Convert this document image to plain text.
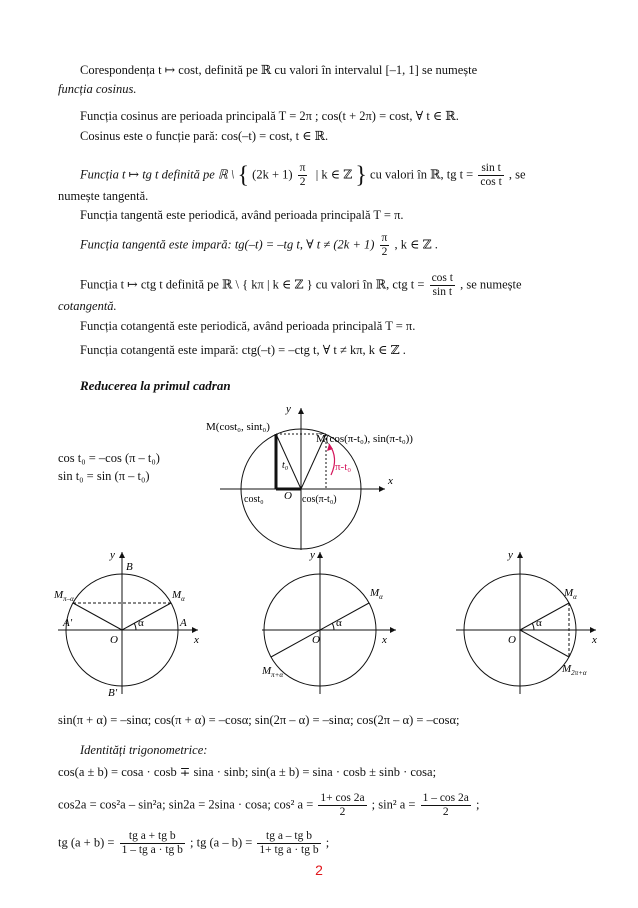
Corespondența t ↦ cost, definită pe ℝ cu valori în intervalul [–1, 1] se numește
funcția cosinus.
Funcția cosinus are perioada principală T = 2π ; cos(t + 2π) = cost, ∀ t ∈ ℝ.
Cosinus este o funcție pară: cos(–t) = cost, t ∈ ℝ.
Funcția t ↦ tg t definită pe ℝ \ { $(2k + 1) \frac{\pi}{2}$ | k ∈ ℤ } cu valori în ℝ, tg $t = \frac{\text{sin t}}{\text{cos t}}$ , se
numește tangentă.
Funcția tangentă este periodică, având perioada principală T = π.
Funcția tangentă este impară: tg(–t) = –tg t, ∀ $t \ne (2k + 1) \frac{\pi}{2}$ , k ∈ ℤ .
Funcția t ↦ ctg t definită pe ℝ \ { kπ | k ∈ ℤ } cu valori în ℝ, ctg $t = \frac{\text{cos t}}{\text{sin t}}$ , se numește
cotangentă.
Funcția cotangentă este periodică, având perioada principală T = π.
Funcția cotangentă este impară: ctg(–t) = –ctg t, ∀ t ≠ kπ, k ∈ ℤ .
Reducerea la primul cadran
cos t₀ = –cos (π – t₀)
sin t₀ = sin (π – t₀)
y
x
O
M(cost₀, sint₀)
M̅(cos(π-t₀), sin(π-t₀))
t₀	π-t₀
cost₀	cos(π-t₀)
y
x
O
B
B′
A
A′
$M_{\pi-\alpha}$	$M_\alpha$
α
y
x
O
$M_\alpha$
$M_{\pi+\alpha}$
α
y
x
O
$M_\alpha$
$M_{2\pi+\alpha}$
α
sin(π + α) = –sinα; cos(π + α) = –cosα; sin(2π – α) = –sinα; cos(2π – α) = –cosα;
Identități trigonometrice:
cos(a ± b) = cosa · cosb ∓ sina · sinb; sin(a ± b) = sina · cosb ± sinb · cosa;
cos2a = cos²a – sin²a; sin2a = 2sina · cosa; cos² $a = \frac{1+ \cos 2a}{2}$ ; sin² $a = \frac{1 - \cos 2a}{2}$ ;
tg $(a + b) = \frac{\text{tg a + tg b}}{\text{1 – tg a · tg b}}$ ; tg $(a - b) = \frac{\text{tg a – tg b}}{\text{1+ tg a · tg b}}$ ;
2
